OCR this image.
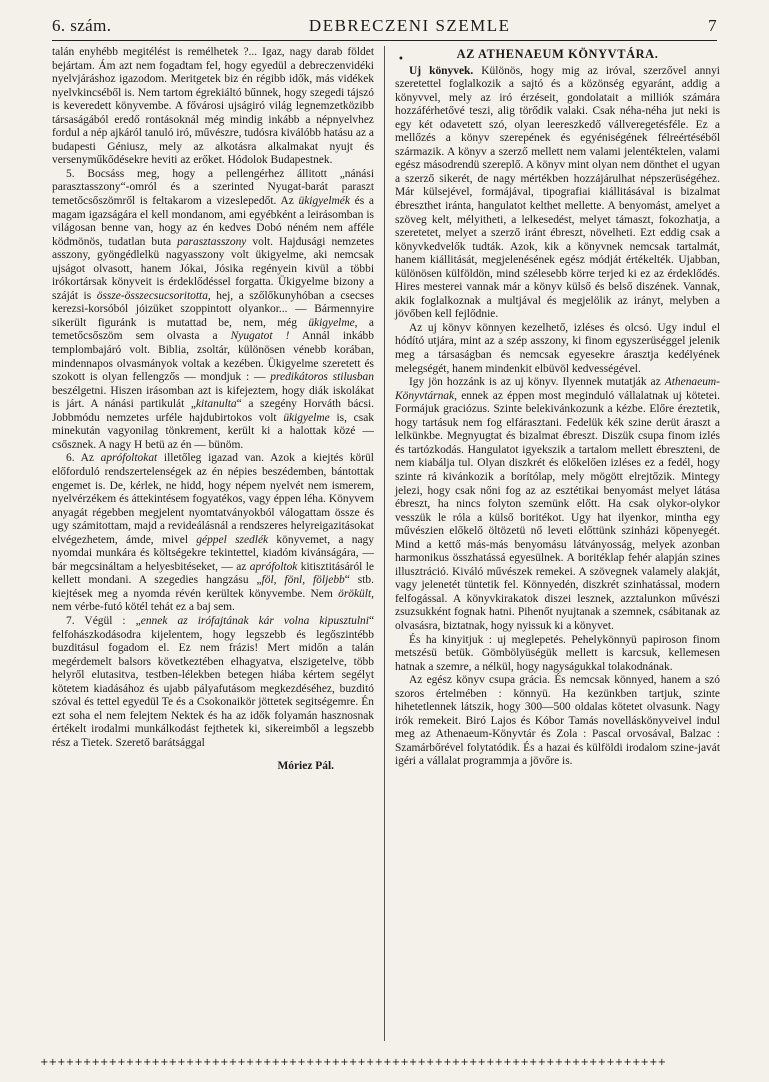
6. szám.	DEBRECZENI SZEMLE	7

talán enyhébb megitélést is remélhetek ?... Igaz, nagy darab földet bejártam. Ám azt nem fogadtam fel, hogy egyedül a debreczenvidéki nyelvjáráshoz igazodom. Meritgetek biz én régibb idők, más vidékek nyelvkincséből is. Nem tartom égrekiáltó bűnnek, hogy szegedi tájszó is keveredett könyvembe. A fővárosi ujságiró világ legnemzetközibb társaságából eredő rontásoknál még mindig inkább a népnyelvhez fordul a nép ajkáról tanuló iró, művészre, tudósra kiválóbb hatásu az a budapesti Géniusz, mely az alkotásra alkalmakat nyujt és versenyműkődésekre heviti az erőket. Hódolok Budapestnek.

5. Bocsáss meg, hogy a pellengérhez állitott „nánási parasztasszony“-omról és a szerinted Nyugat-barát paraszt temetőcsőszömről is feltakarom a vizeslepedőt. Az ükigyelmék és a magam igazságára el kell mondanom, ami egyébként a leirásomban is világosan benne van, hogy az én kedves Dobó néném nem afféle ködmönös, tudatlan buta parasztasszony volt. Hajdusági nemzetes asszony, gyöngédlelkü nagyasszony volt ükigyelme, aki nemcsak ujságot olvasott, hanem Jókai, Jósika regényein kivül a többi irókortársak könyveit is érdeklődéssel forgatta. Ükigyelme bizony a száját is össze-összecsucsoritotta, hej, a szőlőkunyhóban a csecses kerezsi-korsóból jóizüket szoppintott olyankor... — Bármennyire sikerült figuránk is mutattad be, nem, még ükigyelme, a temetőcsőszöm sem olvasta a Nyugatot ! Annál inkább templombajáró volt. Biblia, zsoltár, különösen vénebb korában, mindennapos olvasmányok voltak a kezében. Ükigyelme szeretett és szokott is olyan fellengzős — mondjuk : — predikátoros stilusban beszélgetni. Hiszen irásomban azt is kifejeztem, hogy diák iskolákat is járt. A nánási partikulát „kitanulta“ a szegény Horváth bácsi. Jobbmódu nemzetes urféle hajdubirtokos volt ükigyelme is, csak minekután vagyonilag tönkrement, került ki a halottak közé — csősznek. A nagy H betü az én — bünöm.

6. Az aprófoltokat illetőleg igazad van. Azok a kiejtés körül előforduló rendszertelenségek az én népies beszédemben, bántottak engemet is. De, kérlek, ne hidd, hogy népem nyelvét nem ismerem, nyelvérzékem és áttekintésem fogyatékos, vagy éppen léha. Könyvem anyagát régebben megjelent nyomtatványokból válogattam össze és ugy számitottam, majd a revideálásnál a rendszeres helyreigazitásokat elvégezhetem, ámde, mivel géppel szedlék könyvemet, a nagy nyomdai munkára és költségekre tekintettel, kiadóm kivánságára, — bár megcsináltam a helyesbitéseket, — az aprófoltok kitisztitásáról le kellett mondani. A szegedies hangzásu „föl, fönl, följebb“ stb. kiejtések meg a nyomda révén kerültek könyvembe. Nem örökült, nem vérbe-futó kötél tehát ez a baj sem.

7. Végül : „ennek az irófajtának kár volna kipusztulni“ felfohászkodásodra kijelentem, hogy legszebb és legőszintébb buzditásul fogadom el. Ez nem frázis! Mert midőn a talán megérdemelt balsors következtében elhagyatva, elszigetelve, több helyről elutasitva, testben-lélekben betegen hiába kértem segélyt kötetem kiadásához és ujabb pályafutásom megkezdéséhez, buzditó szóval és tettel egyedül Te és a Csokonaikör jöttetek segitségemre. Én ezt soha el nem felejtem Nektek és ha az idők folyamán hasznosnak értékelt irodalmi munkálkodást fejthetek ki, sikereimből a legszebb rész a Tietek. Szerető barátsággal

Móriez Pál.

•	AZ ATHENAEUM KÖNYVTÁRA.

Uj könyvek. Különös, hogy mig az iróval, szerzővel annyi szeretettel foglalkozik a sajtó és a közönség egyaránt, addig a könyvvel, mely az iró érzéseit, gondolatait a milliók számára hozzáférhetővé teszi, alig törődik valaki. Csak néha-néha jut neki is egy két odavetett szó, olyan leereszkedő vállveregetésféle. Ez a mellőzés a könyv szerepének és egyéniségének félreértéséből származik. A könyv a szerző mellett nem valami jelentéktelen, valami egész másodrendü szereplő. A könyv mint olyan nem dönthet el ugyan a szerző sikerét, de nagy mértékben hozzájárulhat népszerüségéhez. Már külsejével, formájával, tipografiai kiállitásával is bizalmat ébreszthet iránta, hangulatot kelthet mellette. A benyomást, amelyet a szöveg kelt, mélyitheti, a lelkesedést, melyet támaszt, fokozhatja, a szeretetet, melyet a szerző iránt ébreszt, növelheti. Ezt eddig csak a könyvkedvelők tudták. Azok, kik a könyvnek nemcsak tartalmát, hanem kiállitását, megjelenésének egész módját értékelték. Ujabban, különösen külföldön, mind szélesebb körre terjed ki ez az érdeklődés. Hires mesterei vannak már a könyv külső és belső diszének. Vannak, akik foglalkoznak a multjával és megjelölik az irányt, melyben a jövőben kell fejlődnie.

Az uj könyv könnyen kezelhető, izléses és olcsó. Ugy indul el hódító utjára, mint az a szép asszony, ki finom egyszerüséggel jelenik meg a társaságban és nemcsak egyesekre árasztja kedélyének melegségét, hanem mindenkit elbüvöl kedvességével.

Igy jön hozzánk is az uj könyv. Ilyennek mutatják az Athenaeum-Könyvtárnak, ennek az éppen most meginduló vállalatnak uj kötetei. Formájuk graciózus. Szinte belekivánkozunk a kézbe. Előre éreztetik, hogy tartásuk nem fog elfárasztani. Fedelük kék szine derüt áraszt a lelkünkbe. Megnyugtat és bizalmat ébreszt. Diszük csupa finom izlés és tartózkodás. Hangulatot igyekszik a tartalom mellett ébreszteni, de nem kiabálja tul. Olyan diszkrét és előkelően izléses ez a fedél, hogy szinte rá kivánkozik a borítólap, mely mögött elrejtőzik. Mintegy jelezi, hogy csak nőni fog az az esztétikai benyomást melyet látása ébreszt, ha nincs folyton szemünk előtt. Ha csak olykor-olykor vesszük le róla a külső boritékot. Ugy hat ilyenkor, mintha egy művészien előkelő öltözetü nő leveti előttünk szinházi köpenyegét. Mind a kettő más-más benyomásu látványosság, melyek azonban harmonikus összhatássá egyesülnek. A boritéklap fehér alapján szines illusztráció. Kiváló művészek remekei. A szövegnek valamely alakját, vagy jelenetét tüntetik fel. Könnyedén, diszkrét szinhatással, modern felfogással. A könyvkirakatok diszei lesznek, azztalunkon művészi zsuzsukként fognak hatni. Pihenőt nyujtanak a szemnek, csábitanak az olvasásra, biztatnak, hogy nyissuk ki a könyvet.

És ha kinyitjuk : uj meglepetés. Pehelykönnyü papiroson finom metszésü betük. Gömbölyüségük mellett is karcsuk, kellemesen hatnak a szemre, a nélkül, hogy nagyságukkal tolakodnának.

Az egész könyv csupa grácia. És nemcsak könnyed, hanem a szó szoros értelmében : könnyü. Ha kezünkben tartjuk, szinte hihetetlennek látszik, hogy 300—500 oldalas kötetet olvasunk. Nagy irók remekeit. Biró Lajos és Kóbor Tamás novelláskönyveivel indul meg az Athenaeum-Könyvtár és Zola : Pascal orvosával, Balzac : Szamárbőrével folytatódik. És a hazai és külföldi irodalom szine-javát igéri a vállalat programmja a jövőre is.

+++++++++++++++++++++++++++++++++++++++++++++++++++++++++++++++++++++++++
